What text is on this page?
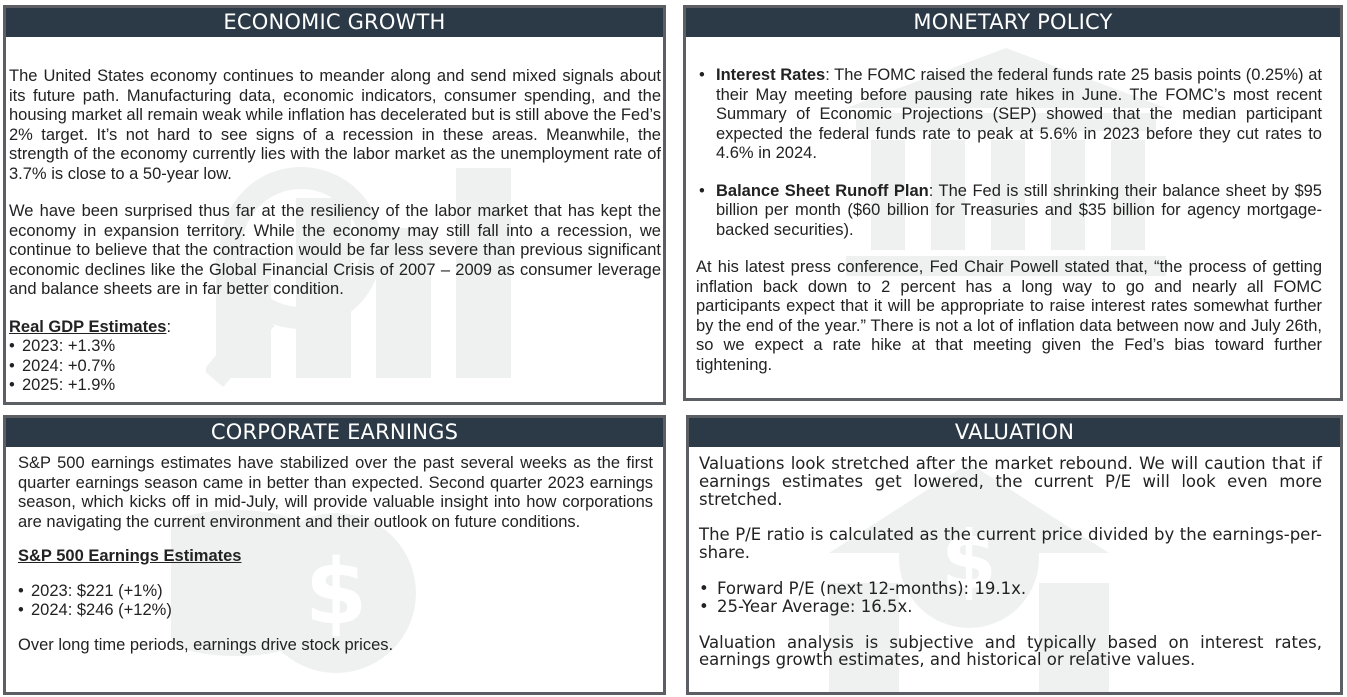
ECONOMIC GROWTH

The United States economy continues to meander along and send mixed signals about its future path. Manufacturing data, economic indicators, consumer spending, and the housing market all remain weak while inflation has decelerated but is still above the Fed’s 2% target. It’s not hard to see signs of a recession in these areas. Meanwhile, the strength of the economy currently lies with the labor market as the unemployment rate of 3.7% is close to a 50-year low.

We have been surprised thus far at the resiliency of the labor market that has kept the economy in expansion territory. While the economy may still fall into a recession, we continue to believe that the contraction would be far less severe than previous significant economic declines like the Global Financial Crisis of 2007 – 2009 as consumer leverage and balance sheets are in far better condition.

Real GDP Estimates:
• 2023: +1.3%
• 2024: +0.7%
• 2025: +1.9%
MONETARY POLICY
• Interest Rates: The FOMC raised the federal funds rate 25 basis points (0.25%) at their May meeting before pausing rate hikes in June. The FOMC’s most recent Summary of Economic Projections (SEP) showed that the median participant expected the federal funds rate to peak at 5.6% in 2023 before they cut rates to 4.6% in 2024.
• Balance Sheet Runoff Plan: The Fed is still shrinking their balance sheet by $95 billion per month ($60 billion for Treasuries and $35 billion for agency mortgage-backed securities).

At his latest press conference, Fed Chair Powell stated that, “the process of getting inflation back down to 2 percent has a long way to go and nearly all FOMC participants expect that it will be appropriate to raise interest rates somewhat further by the end of the year.” There is not a lot of inflation data between now and July 26th, so we expect a rate hike at that meeting given the Fed’s bias toward further tightening.

CORPORATE EARNINGS
$

S&P 500 earnings estimates have stabilized over the past several weeks as the first quarter earnings season came in better than expected. Second quarter 2023 earnings season, which kicks off in mid-July, will provide valuable insight into how corporations are navigating the current environment and their outlook on future conditions.

S&P 500 Earnings Estimates
• 2023: $221 (+1%)
• 2024: $246 (+12%)

Over long time periods, earnings drive stock prices.

VALUATION
$

Valuations look stretched after the market rebound. We will caution that if earnings estimates get lowered, the current P/E will look even more stretched.

The P/E ratio is calculated as the current price divided by the earnings-per-share.

• Forward P/E (next 12-months): 19.1x.
• 25-Year Average: 16.5x.

Valuation analysis is subjective and typically based on interest rates, earnings growth estimates, and historical or relative values.
